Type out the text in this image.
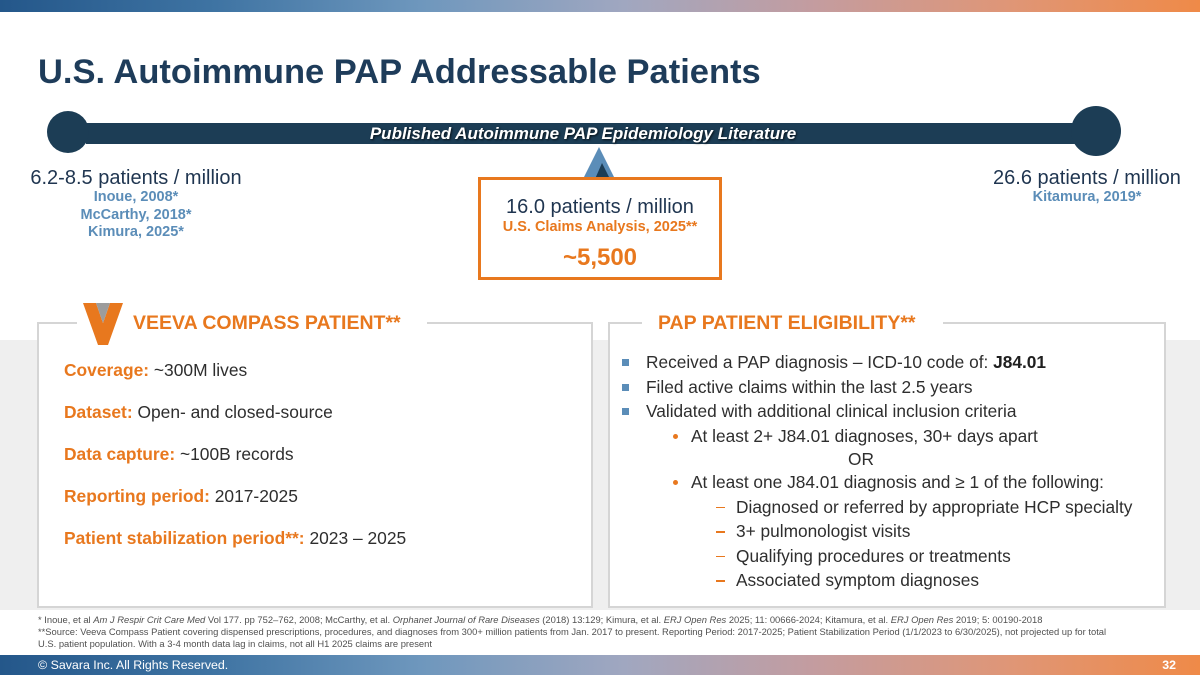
U.S. Autoimmune PAP Addressable Patients
Published Autoimmune PAP Epidemiology Literature
6.2-8.5 patients / million
Inoue, 2008*
McCarthy, 2018*
Kimura, 2025*
26.6 patients / million
Kitamura, 2019*
16.0 patients / million
U.S. Claims Analysis, 2025**
~5,500
VEEVA COMPASS PATIENT**
Coverage: ~300M lives
Dataset: Open- and closed-source
Data capture: ~100B records
Reporting period: 2017-2025
Patient stabilization period**: 2023 – 2025
PAP PATIENT ELIGIBILITY**
Received a PAP diagnosis – ICD-10 code of: J84.01
Filed active claims within the last 2.5 years
Validated with additional clinical inclusion criteria
At least 2+ J84.01 diagnoses, 30+ days apart
OR
At least one J84.01 diagnosis and ≥ 1 of the following:
Diagnosed or referred by appropriate HCP specialty
3+ pulmonologist visits
Qualifying procedures or treatments
Associated symptom diagnoses
* Inoue, et al Am J Respir Crit Care Med Vol 177. pp 752–762, 2008; McCarthy, et al. Orphanet Journal of Rare Diseases (2018) 13:129; Kimura, et al. ERJ Open Res 2025; 11: 00666-2024; Kitamura, et al. ERJ Open Res 2019; 5: 00190-2018
**Source: Veeva Compass Patient covering dispensed prescriptions, procedures, and diagnoses from 300+ million patients from Jan. 2017 to present. Reporting Period: 2017-2025; Patient Stabilization Period (1/1/2023 to 6/30/2025), not projected up for total U.S. patient population. With a 3-4 month data lag in claims, not all H1 2025 claims are present
© Savara Inc. All Rights Reserved.	32
